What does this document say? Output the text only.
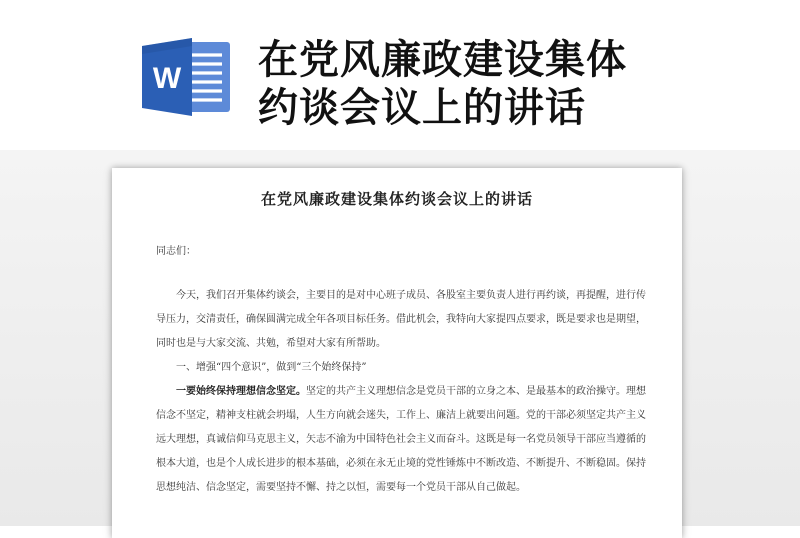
W 在党风廉政建设集体
约谈会议上的讲话
在党风廉政建设集体约谈会议上的讲话

同志们：

今天，我们召开集体约谈会，主要目的是对中心班子成员、各股室主要负责人进行再约谈，再提醒，进行传导压力，交清责任，确保圆满完成全年各项目标任务。借此机会，我特向大家提四点要求，既是要求也是期望，同时也是与大家交流、共勉，希望对大家有所帮助。

一、增强“四个意识”，做到“三个始终保持”

一要始终保持理想信念坚定。坚定的共产主义理想信念是党员干部的立身之本、是最基本的政治操守。理想信念不坚定，精神支柱就会坍塌，人生方向就会迷失，工作上、廉洁上就要出问题。党的干部必须坚定共产主义远大理想，真诚信仰马克思主义，矢志不渝为中国特色社会主义而奋斗。这既是每一名党员领导干部应当遵循的根本大道，也是个人成长进步的根本基础，必须在永无止境的党性锤炼中不断改造、不断提升、不断稳固。保持思想纯洁、信念坚定，需要坚持不懈、持之以恒，需要每一个党员干部从自己做起。
